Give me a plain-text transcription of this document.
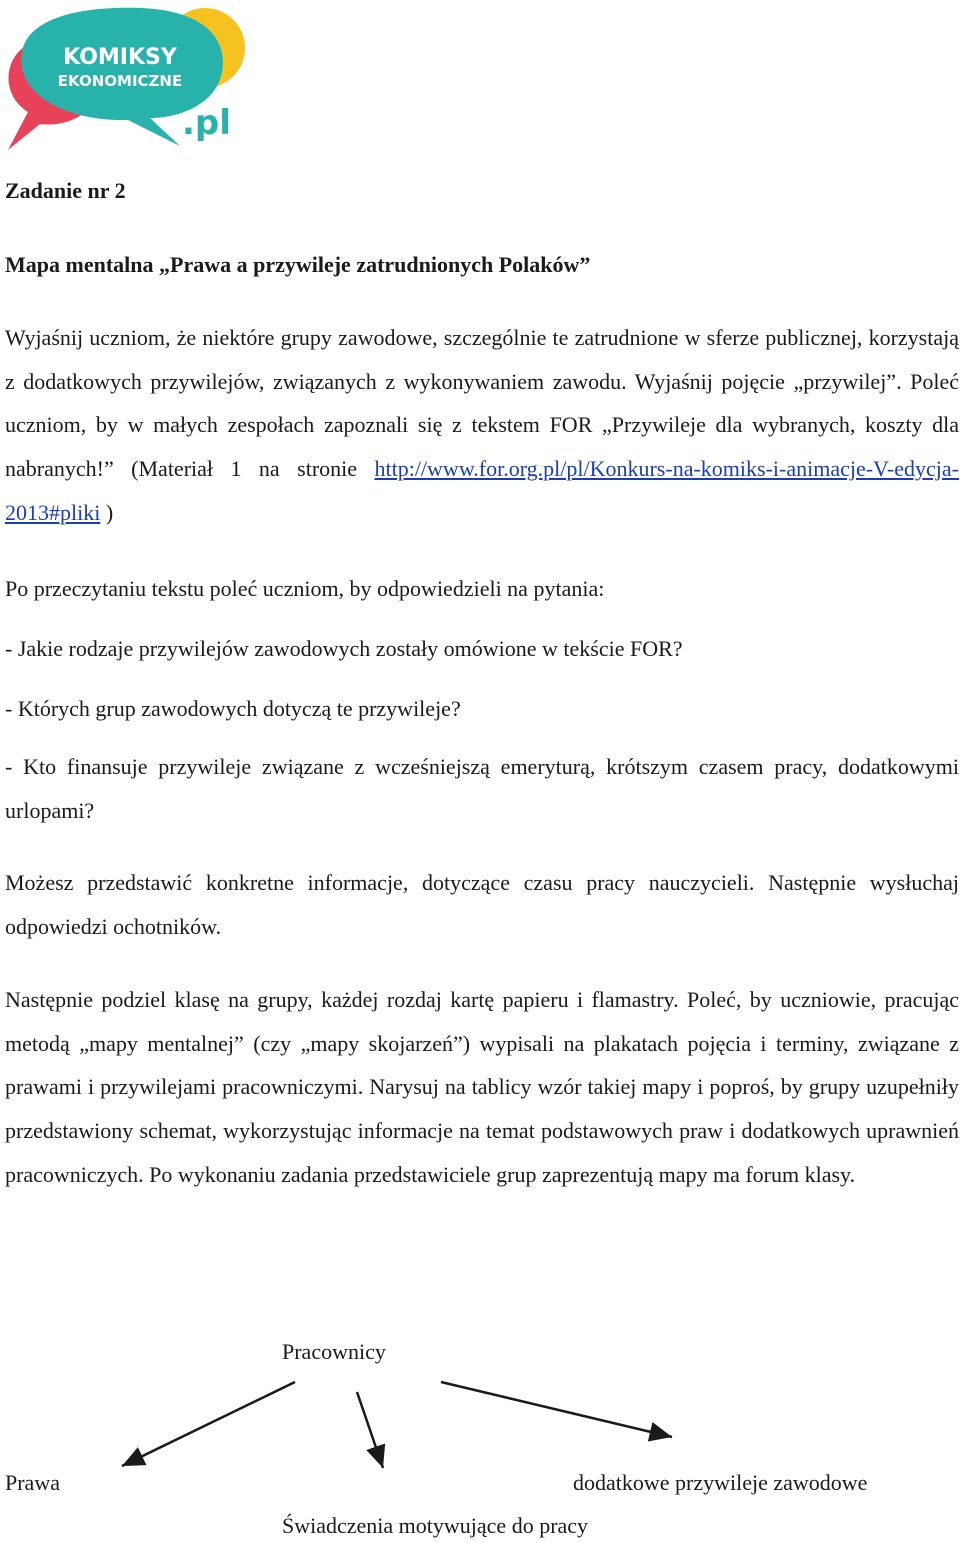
KOMIKSY
EKONOMICZNE
.pl
Zadanie nr 2
Mapa mentalna „Prawa a przywileje zatrudnionych Polaków”

Wyjaśnij uczniom, że niektóre grupy zawodowe, szczególnie te zatrudnione w sferze publicznej, korzystają z dodatkowych przywilejów, związanych z wykonywaniem zawodu. Wyjaśnij pojęcie „przywilej”. Poleć uczniom, by w małych zespołach zapoznali się z tekstem FOR „Przywileje dla wybranych, koszty dla nabranych!” (Materiał 1 na stronie http://www.for.org.pl/pl/Konkurs-na-komiks-i-animacje-V-edycja-2013#pliki )

Po przeczytaniu tekstu poleć uczniom, by odpowiedzieli na pytania:
- Jakie rodzaje przywilejów zawodowych zostały omówione w tekście FOR?
- Których grup zawodowych dotyczą te przywileje?

- Kto finansuje przywileje związane z wcześniejszą emeryturą, krótszym czasem pracy, dodatkowymi urlopami?

Możesz przedstawić konkretne informacje, dotyczące czasu pracy nauczycieli. Następnie wysłuchaj odpowiedzi ochotników.

Następnie podziel klasę na grupy, każdej rozdaj kartę papieru i flamastry. Poleć, by uczniowie, pracując metodą „mapy mentalnej” (czy „mapy skojarzeń”) wypisali na plakatach pojęcia i terminy, związane z prawami i przywilejami pracowniczymi. Narysuj na tablicy wzór takiej mapy i poproś, by grupy uzupełniły przedstawiony schemat, wykorzystując informacje na temat podstawowych praw i dodatkowych uprawnień pracowniczych. Po wykonaniu zadania przedstawiciele grup zaprezentują mapy ma forum klasy.

Pracownicy
Prawa	dodatkowe przywileje zawodowe
Świadczenia motywujące do pracy
